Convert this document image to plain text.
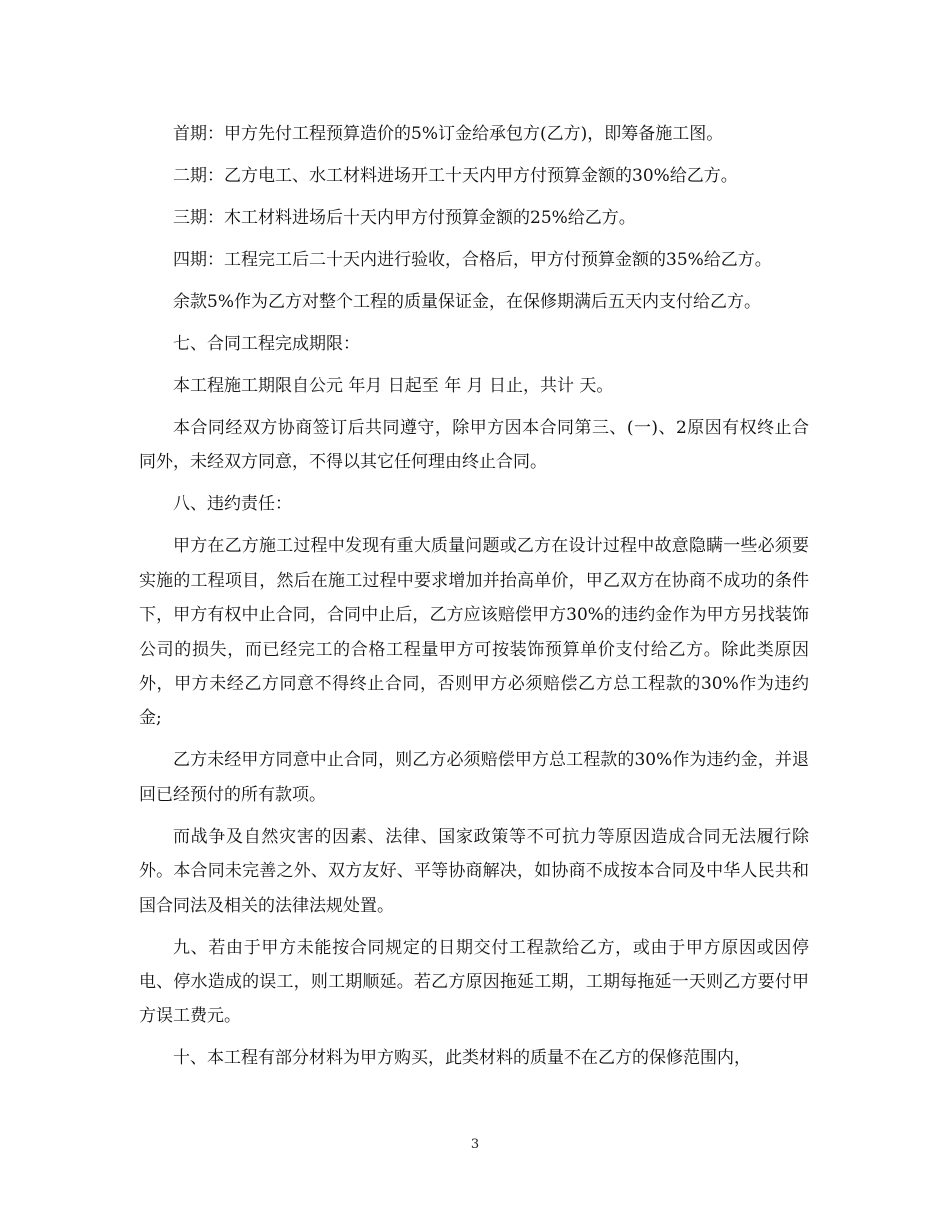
首期：甲方先付工程预算造价的5%订金给承包方(乙方)，即筹备施工图。

二期：乙方电工、水工材料进场开工十天内甲方付预算金额的30%给乙方。

三期：木工材料进场后十天内甲方付预算金额的25%给乙方。

四期：工程完工后二十天内进行验收，合格后，甲方付预算金额的35%给乙方。

余款5%作为乙方对整个工程的质量保证金，在保修期满后五天内支付给乙方。

七、合同工程完成期限：

本工程施工期限自公元 年月 日起至 年 月 日止，共计 天。

本合同经双方协商签订后共同遵守，除甲方因本合同第三、(一)、2原因有权终止合同外，未经双方同意，不得以其它任何理由终止合同。

八、违约责任：

甲方在乙方施工过程中发现有重大质量问题或乙方在设计过程中故意隐瞒一些必须要实施的工程项目，然后在施工过程中要求增加并抬高单价，甲乙双方在协商不成功的条件下，甲方有权中止合同，合同中止后，乙方应该赔偿甲方30%的违约金作为甲方另找装饰公司的损失，而已经完工的合格工程量甲方可按装饰预算单价支付给乙方。除此类原因外，甲方未经乙方同意不得终止合同，否则甲方必须赔偿乙方总工程款的30%作为违约金;

乙方未经甲方同意中止合同，则乙方必须赔偿甲方总工程款的30%作为违约金，并退回已经预付的所有款项。

而战争及自然灾害的因素、法律、国家政策等不可抗力等原因造成合同无法履行除外。本合同未完善之外、双方友好、平等协商解决，如协商不成按本合同及中华人民共和国合同法及相关的法律法规处置。

九、若由于甲方未能按合同规定的日期交付工程款给乙方，或由于甲方原因或因停电、停水造成的误工，则工期顺延。若乙方原因拖延工期，工期每拖延一天则乙方要付甲方误工费元。

十、本工程有部分材料为甲方购买，此类材料的质量不在乙方的保修范围内，

3
